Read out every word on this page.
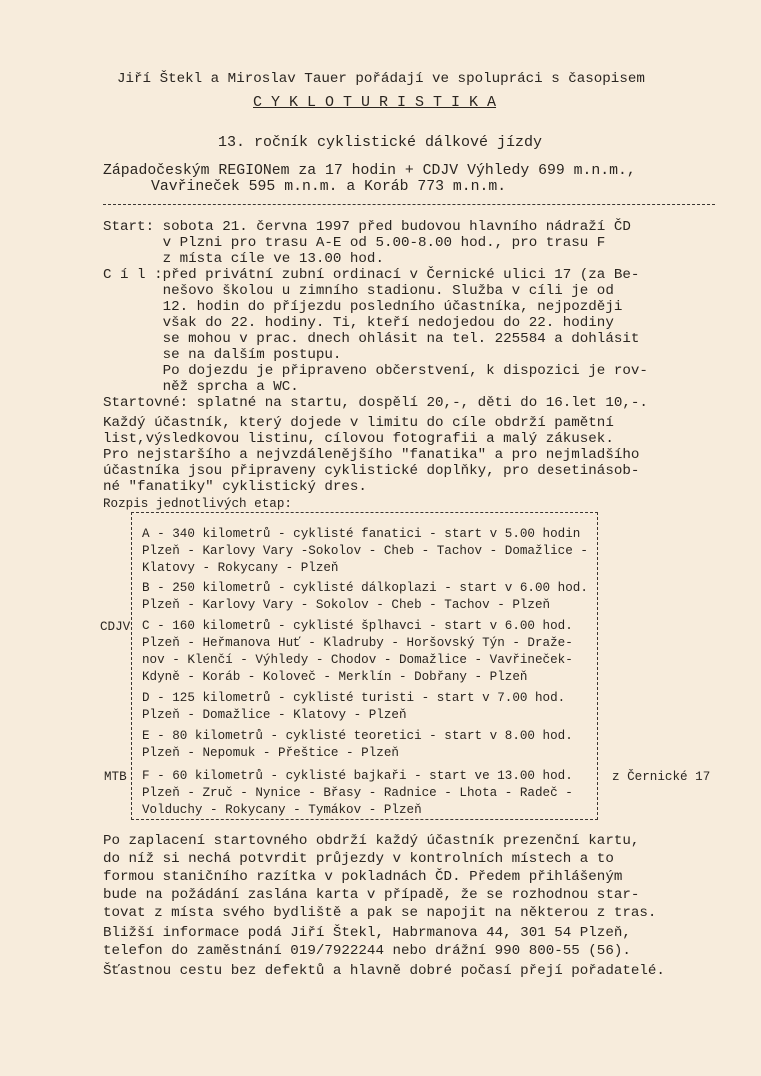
Jiří Štekl a Miroslav Tauer pořádají ve spolupráci s časopisem
C Y K L O T U R I S T I K A
13. ročník cyklistické dálkové jízdy
Západočeským REGIONem za 17 hodin + CDJV Výhledy 699 m.n.m.,
Vavřineček 595 m.n.m. a Koráb 773 m.n.m.
Start: sobota 21. června 1997 před budovou hlavního nádraží ČD
v Plzni pro trasu A-E od 5.00-8.00 hod., pro trasu F
z místa cíle ve 13.00 hod.
C í l :před privátní zubní ordinací v Černické ulici 17 (za Be-
nešovo školou u zimního stadionu. Služba v cíli je od
12. hodin do příjezdu posledního účastníka, nejpozději
však do 22. hodiny. Ti, kteří nedojedou do 22. hodiny
se mohou v prac. dnech ohlásit na tel. 225584 a dohlásit
se na dalším postupu.
Po dojezdu je připraveno občerstvení, k dispozici je rov-
něž sprcha a WC.
Startovné: splatné na startu, dospělí 20,-, děti do 16.let 10,-.
Každý účastník, který dojede v limitu do cíle obdrží pamětní
list,výsledkovou listinu, cílovou fotografii a malý zákusek.
Pro nejstaršího a nejvzdálenějšího "fanatika" a pro nejmladšího
účastníka jsou připraveny cyklistické doplňky, pro desetinásob-
né "fanatiky" cyklistický dres.
Rozpis jednotlivých etap:
A - 340 kilometrů - cyklisté fanatici - start v 5.00 hodin
Plzeň - Karlovy Vary -Sokolov - Cheb - Tachov - Domažlice -
Klatovy - Rokycany - Plzeň
B - 250 kilometrů - cyklisté dálkoplazi - start v 6.00 hod.
Plzeň - Karlovy Vary - Sokolov - Cheb - Tachov - Plzeň
C - 160 kilometrů - cyklisté šplhavci - start v 6.00 hod.
Plzeň - Heřmanova Huť - Kladruby - Horšovský Týn - Draže-
nov - Klenčí - Výhledy - Chodov - Domažlice - Vavřineček-
Kdyně - Koráb - Koloveč - Merklín - Dobřany - Plzeň
D - 125 kilometrů - cyklisté turisti - start v 7.00 hod.
Plzeň - Domažlice - Klatovy - Plzeň
E - 80 kilometrů - cyklisté teoretici - start v 8.00 hod.
Plzeň - Nepomuk - Přeštice - Plzeň
F - 60 kilometrů - cyklisté bajkaři - start ve 13.00 hod.
Plzeň - Zruč - Nynice - Břasy - Radnice - Lhota - Radeč -
Volduchy - Rokycany - Tymákov - Plzeň
CDJV
MTB	z Černické 17
Po zaplacení startovného obdrží každý účastník prezenční kartu,
do níž si nechá potvrdit průjezdy v kontrolních místech a to
formou staničního razítka v pokladnách ČD. Předem přihlášeným
bude na požádání zaslána karta v případě, že se rozhodnou star-
tovat z místa svého bydliště a pak se napojit na některou z tras.
Bližší informace podá Jiří Štekl, Habrmanova 44, 301 54 Plzeň,
telefon do zaměstnání 019/7922244 nebo drážní 990 800-55 (56).
Šťastnou cestu bez defektů a hlavně dobré počasí přejí pořadatelé.
